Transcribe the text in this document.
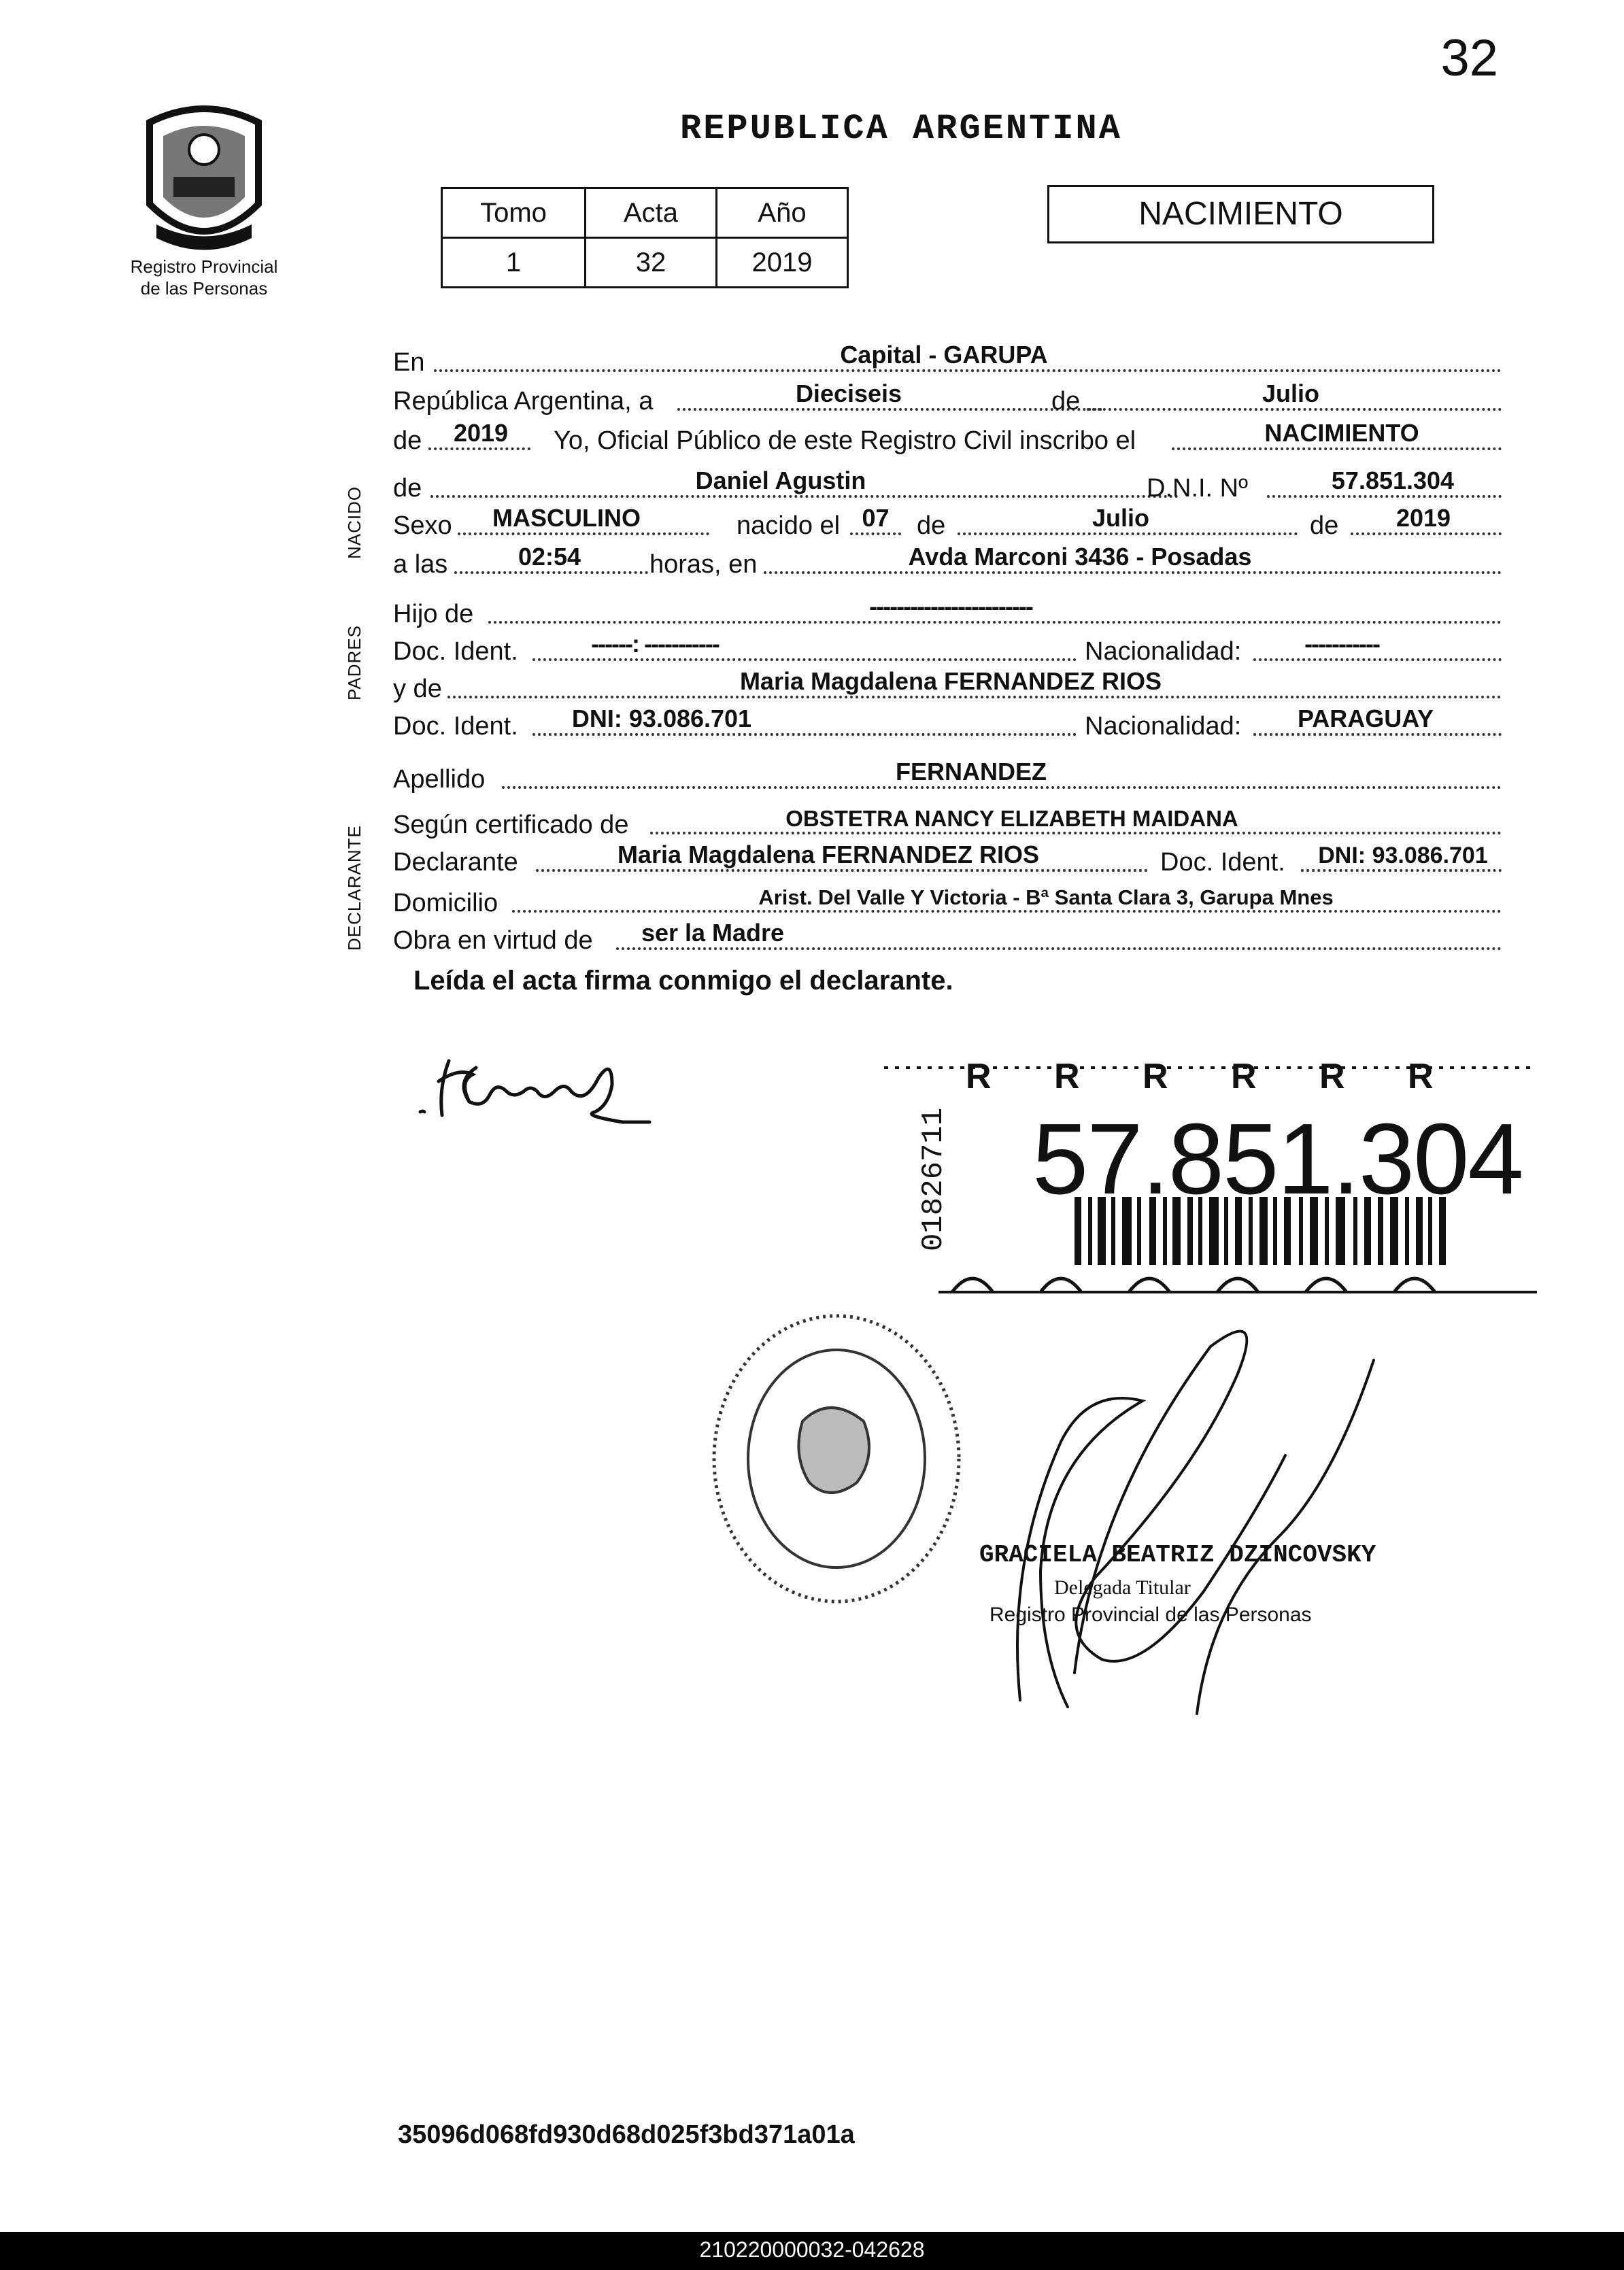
32
Registro Provincial
de las Personas
REPUBLICA ARGENTINA
Tomo	Acta	Año
1	32	2019
NACIMIENTO
NACIDO
PADRES
DECLARANTE
En	Capital - GARUPA
República Argentina, a	Dieciseis	de	Julio
de	2019	Yo, Oficial Público de este Registro Civil inscribo el	NACIMIENTO
de	Daniel Agustin	D.N.I. Nº	57.851.304
Sexo	MASCULINO	nacido el 07	de	Julio	de	2019
a las	02:54	horas, en	Avda Marconi 3436 - Posadas
Hijo de	------------------------
Doc. Ident.	------: -----------	Nacionalidad:	-----------
y de	Maria Magdalena FERNANDEZ RIOS
Doc. Ident.	DNI: 93.086.701	Nacionalidad:	PARAGUAY
Apellido	FERNANDEZ
Según certificado de	OBSTETRA NANCY ELIZABETH MAIDANA
Declarante	Maria Magdalena FERNANDEZ RIOS	Doc. Ident.	DNI: 93.086.701
Domicilio	Arist. Del Valle Y Victoria - Bª Santa Clara 3, Garupa Mnes
Obra en virtud de	ser la Madre
Leída el acta firma conmigo el declarante.
R R R R R R
57.851.304
01826711
GRACIELA BEATRIZ DZINCOVSKY
Delegada Titular
Registro Provincial de las Personas
35096d068fd930d68d025f3bd371a01a
210220000032-042628
